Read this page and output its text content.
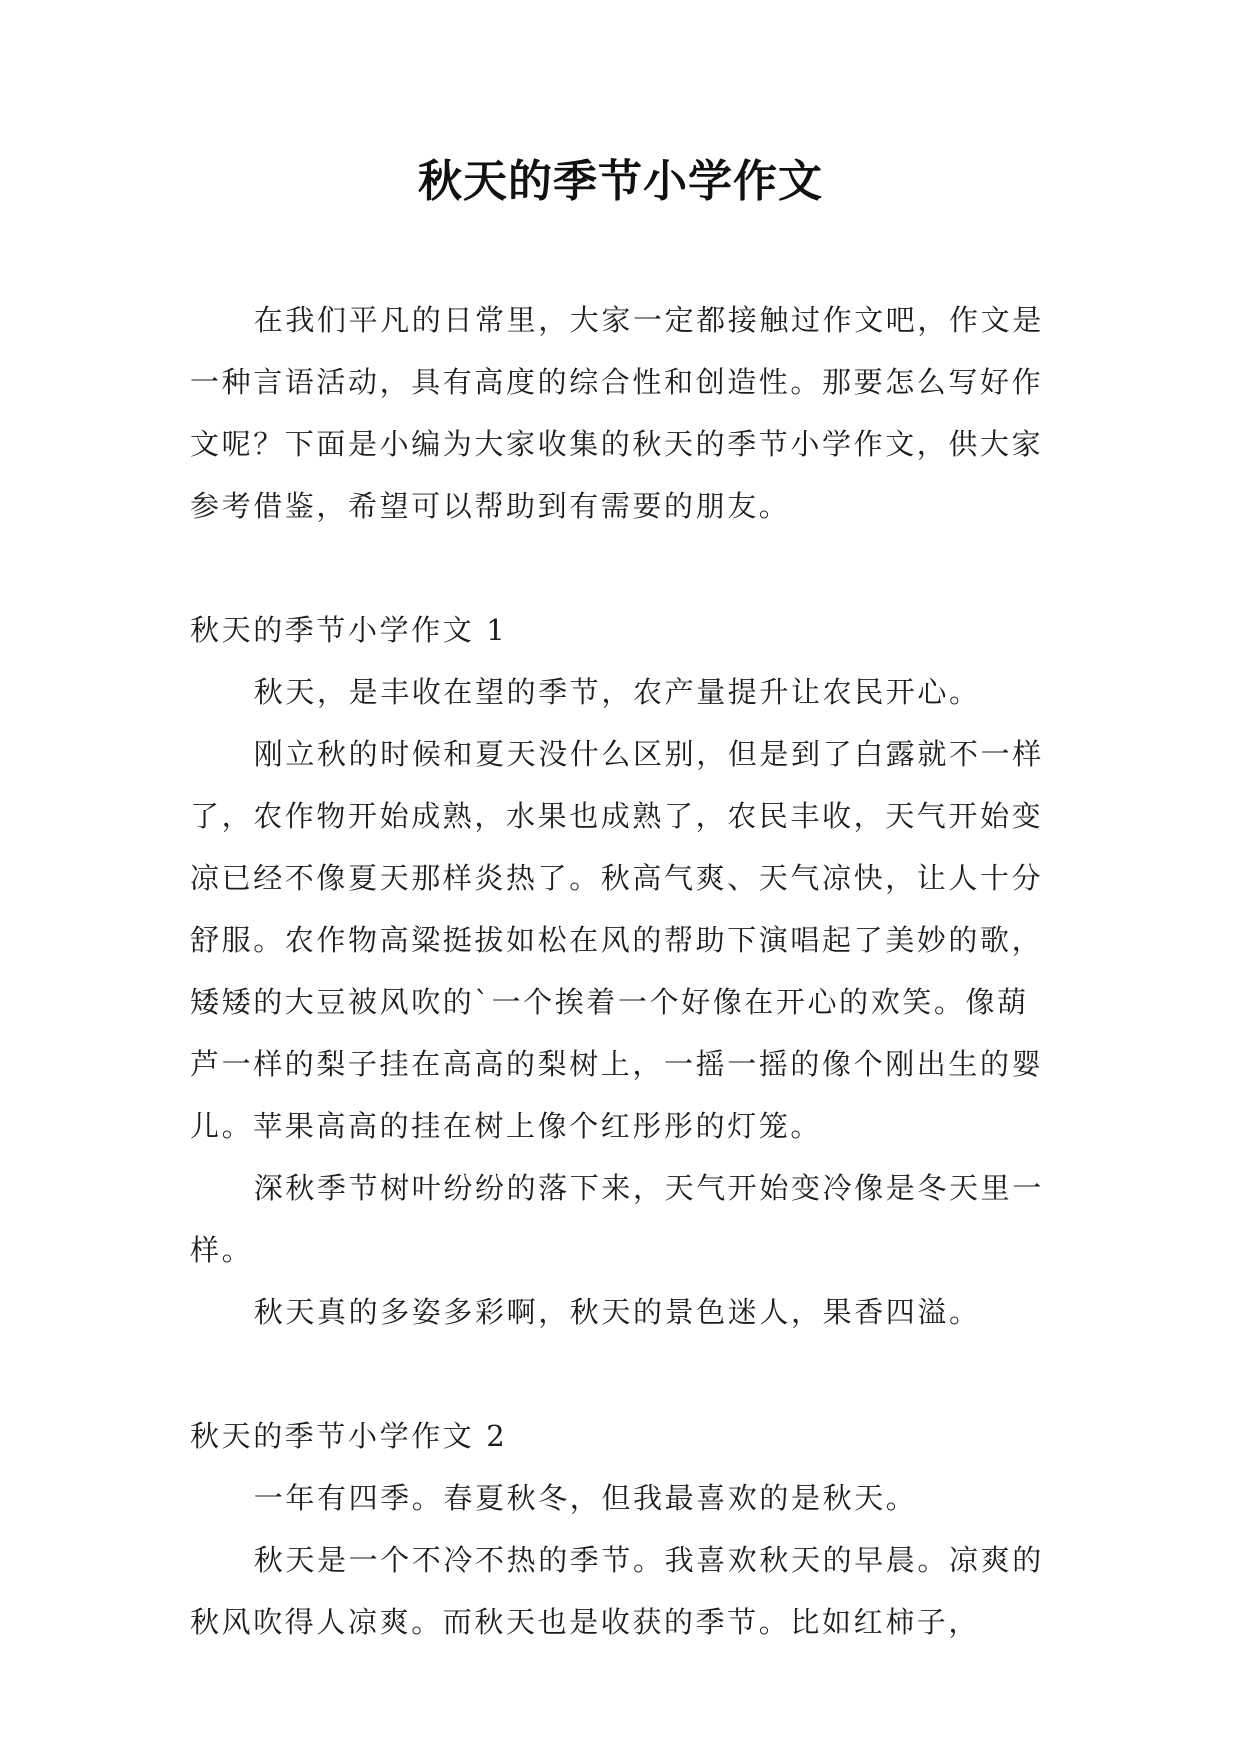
秋天的季节小学作文

在我们平凡的日常里，大家一定都接触过作文吧，作文是一种言语活动，具有高度的综合性和创造性。那要怎么写好作文呢？下面是小编为大家收集的秋天的季节小学作文，供大家参考借鉴，希望可以帮助到有需要的朋友。

秋天的季节小学作文 1

秋天，是丰收在望的季节，农产量提升让农民开心。

刚立秋的时候和夏天没什么区别，但是到了白露就不一样了，农作物开始成熟，水果也成熟了，农民丰收，天气开始变凉已经不像夏天那样炎热了。秋高气爽、天气凉快，让人十分舒服。农作物高粱挺拔如松在风的帮助下演唱起了美妙的歌，矮矮的大豆被风吹的`一个挨着一个好像在开心的欢笑。像葫芦一样的梨子挂在高高的梨树上，一摇一摇的像个刚出生的婴儿。苹果高高的挂在树上像个红彤彤的灯笼。

深秋季节树叶纷纷的落下来，天气开始变冷像是冬天里一样。

秋天真的多姿多彩啊，秋天的景色迷人，果香四溢。

秋天的季节小学作文 2

一年有四季。春夏秋冬，但我最喜欢的是秋天。

秋天是一个不冷不热的季节。我喜欢秋天的早晨。凉爽的秋风吹得人凉爽。而秋天也是收获的季节。比如红柿子，
